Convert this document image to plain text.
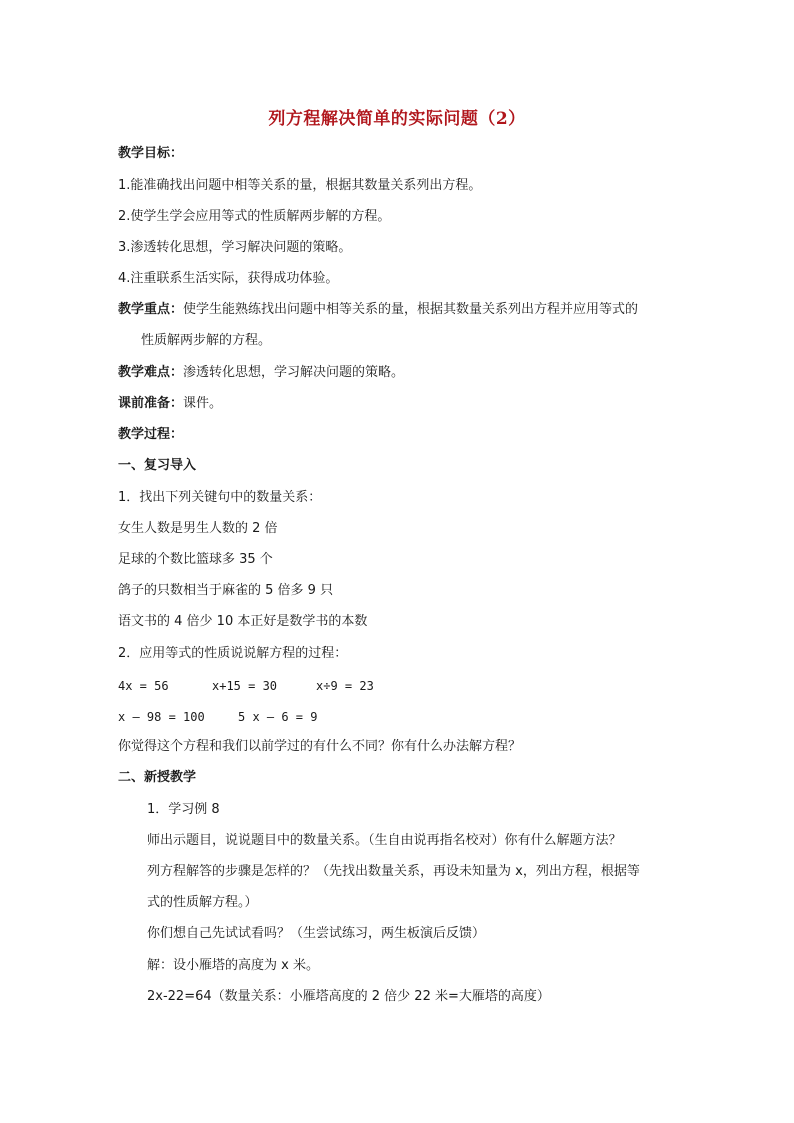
列方程解决简单的实际问题（2）
教学目标：
1.能准确找出问题中相等关系的量，根据其数量关系列出方程。
2.使学生学会应用等式的性质解两步解的方程。
3.渗透转化思想，学习解决问题的策略。
4.注重联系生活实际，获得成功体验。
教学重点：使学生能熟练找出问题中相等关系的量，根据其数量关系列出方程并应用等式的
性质解两步解的方程。
教学难点：渗透转化思想，学习解决问题的策略。
课前准备：课件。
教学过程：
一、复习导入
1．找出下列关键句中的数量关系：
女生人数是男生人数的 2 倍
足球的个数比篮球多 35 个
鸽子的只数相当于麻雀的 5 倍多 9 只
语文书的 4 倍少 10 本正好是数学书的本数
2．应用等式的性质说说解方程的过程：
4x = 56	x+15 = 30	x÷9 = 23
x – 98 = 100	5 x – 6 = 9
你觉得这个方程和我们以前学过的有什么不同？你有什么办法解方程？
二、新授教学
1．学习例 8
师出示题目，说说题目中的数量关系。（生自由说再指名校对）你有什么解题方法？
列方程解答的步骤是怎样的？（先找出数量关系，再设未知量为 x，列出方程，根据等
式的性质解方程。）
你们想自己先试试看吗？（生尝试练习，两生板演后反馈）
解：设小雁塔的高度为 x 米。
2x-22=64（数量关系：小雁塔高度的 2 倍少 22 米=大雁塔的高度）
